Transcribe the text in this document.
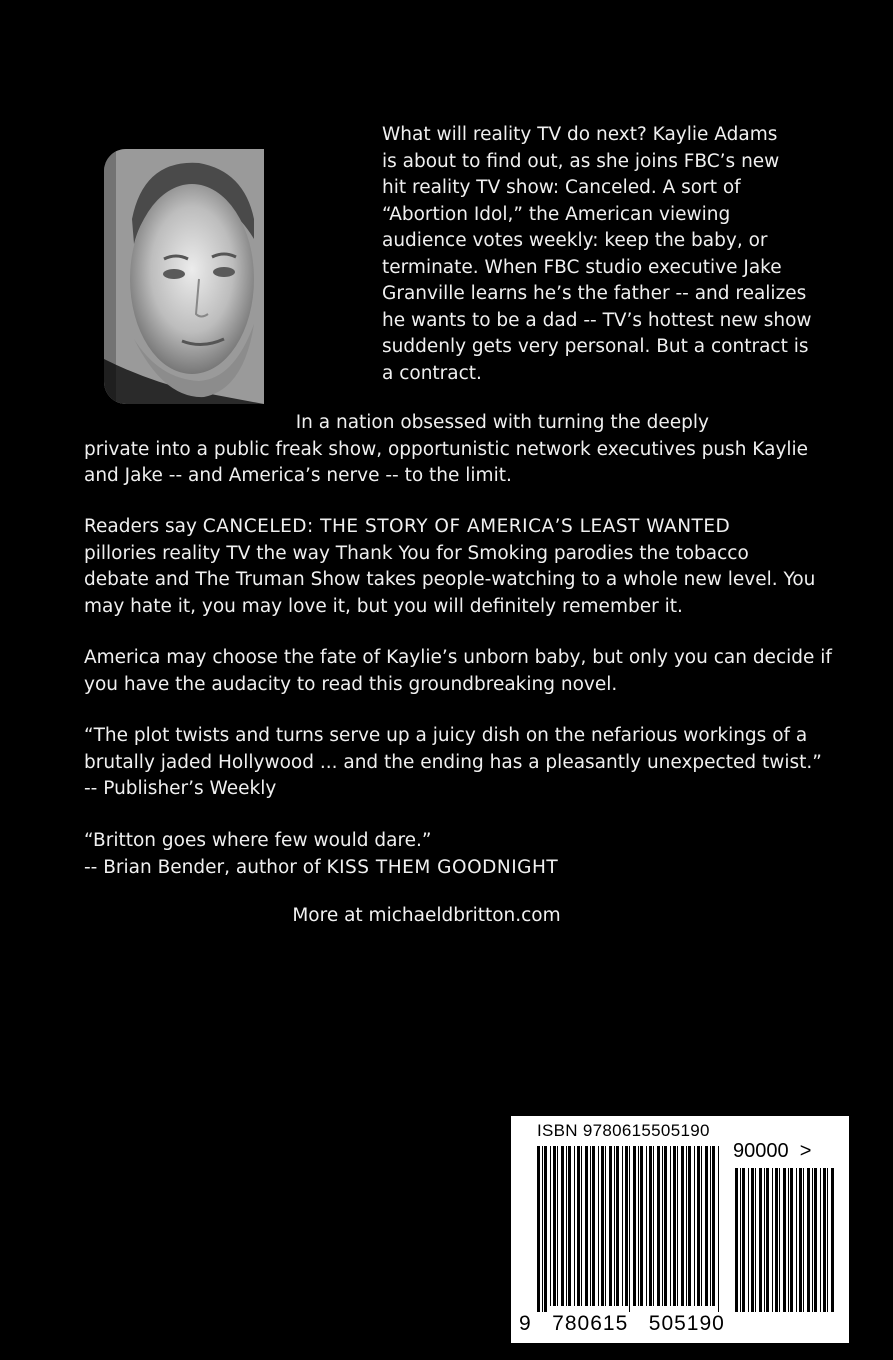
What will reality TV do next? Kaylie Adams
is about to find out, as she joins FBC’s new
hit reality TV show: Canceled. A sort of
“Abortion Idol,” the American viewing
audience votes weekly: keep the baby, or
terminate. When FBC studio executive Jake
Granville learns he’s the father -- and realizes
he wants to be a dad -- TV’s hottest new show
suddenly gets very personal. But a contract is
a contract.

In a nation obsessed with turning the deeply
private into a public freak show, opportunistic network executives push Kaylie
and Jake -- and America’s nerve -- to the limit.

Readers say CANCELED: THE STORY OF AMERICA’S LEAST WANTED
pillories reality TV the way Thank You for Smoking parodies the tobacco
debate and The Truman Show takes people-watching to a whole new level. You
may hate it, you may love it, but you will definitely remember it.

America may choose the fate of Kaylie’s unborn baby, but only you can decide if
you have the audacity to read this groundbreaking novel.

“The plot twists and turns serve up a juicy dish on the nefarious workings of a
brutally jaded Hollywood ... and the ending has a pleasantly unexpected twist.”
-- Publisher’s Weekly

“Britton goes where few would dare.”
-- Brian Bender, author of KISS THEM GOODNIGHT

More at michaeldbritton.com
ISBN 9780615505190
90000  >
9   780615   505190
